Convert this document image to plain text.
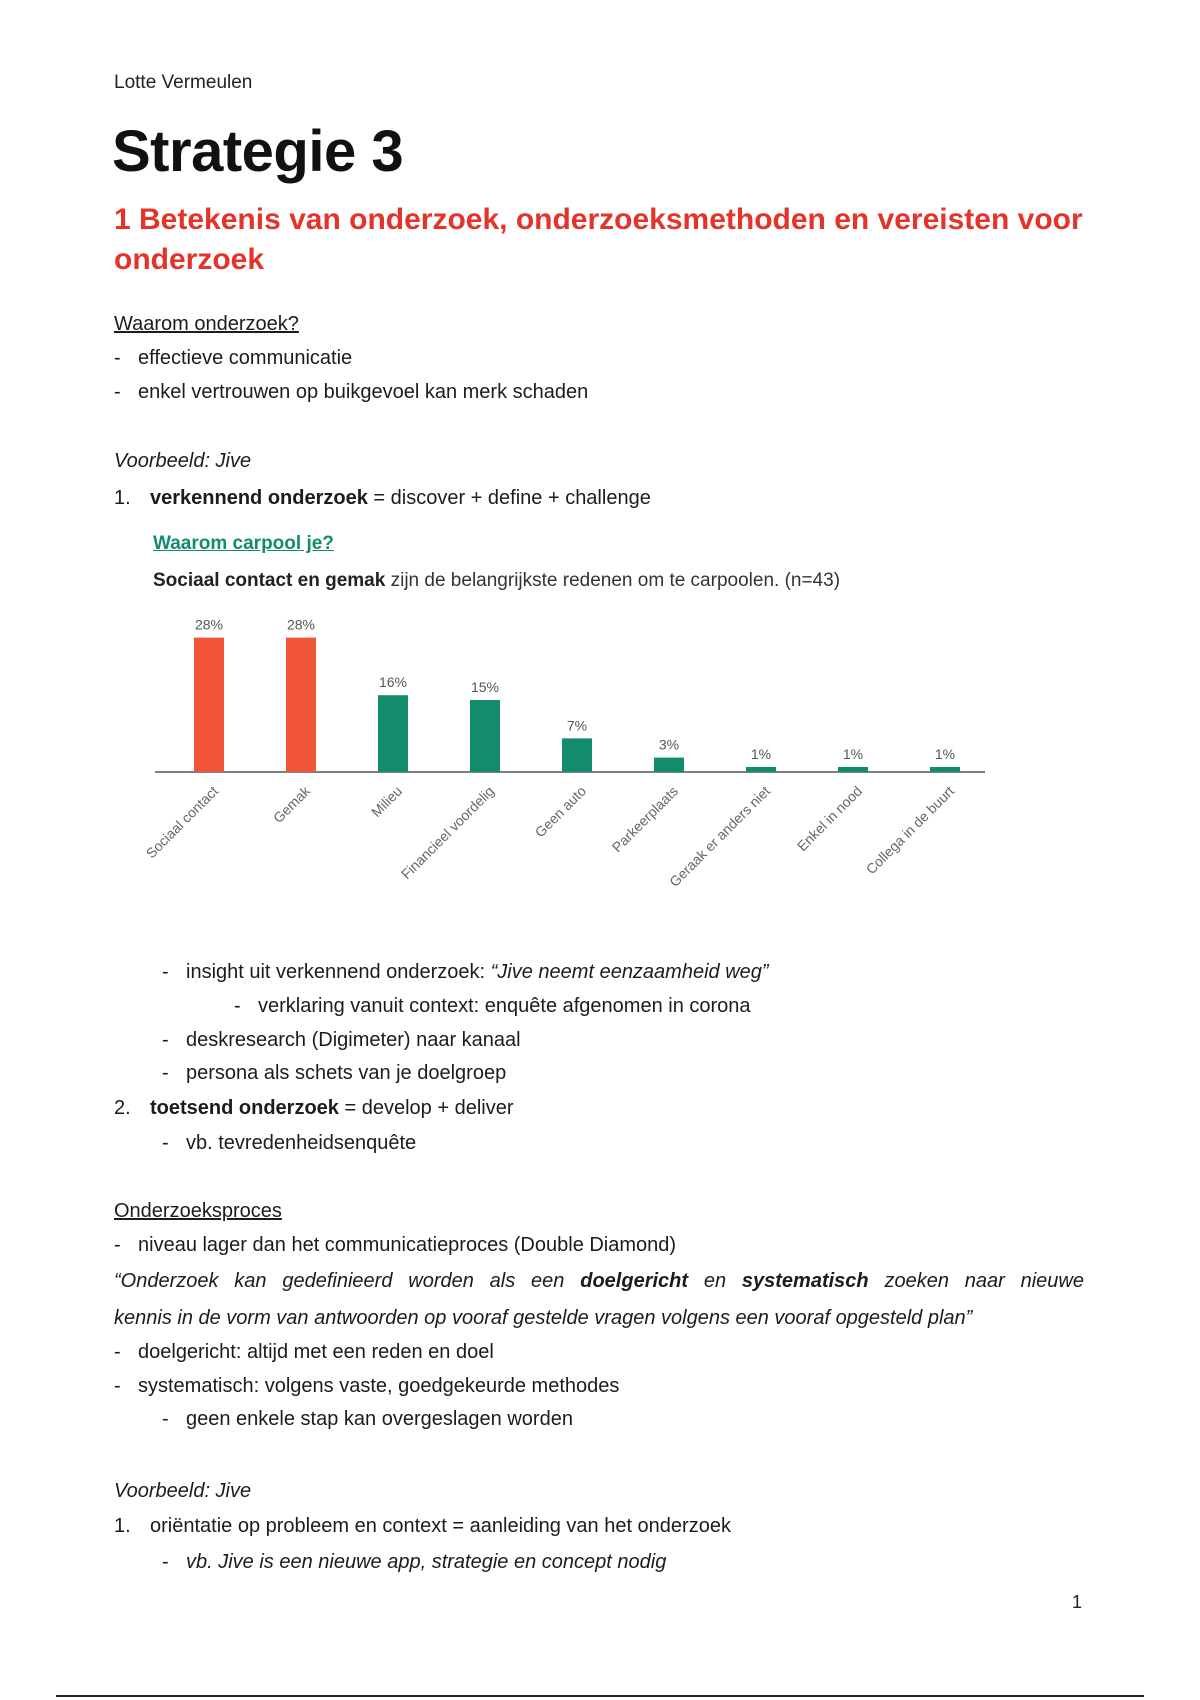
Lotte Vermeulen
Strategie 3
1 Betekenis van onderzoek, onderzoeksmethoden en vereisten voor onderzoek
Waarom onderzoek?
- effectieve communicatie
- enkel vertrouwen op buikgevoel kan merk schaden
Voorbeeld: Jive
1. verkennend onderzoek = discover + define + challenge
Waarom carpool je?
Sociaal contact en gemak zijn de belangrijkste redenen om te carpoolen. (n=43)
28%
Sociaal contact
28%
Gemak
16%
Milieu
15%
Financieel voordelig
7%
Geen auto
3%
Parkeerplaats
1%
Geraak er anders niet
1%
Enkel in nood
1%
Collega in de buurt
- insight uit verkennend onderzoek: “Jive neemt eenzaamheid weg”
- verklaring vanuit context: enquête afgenomen in corona
- deskresearch (Digimeter) naar kanaal
- persona als schets van je doelgroep
2. toetsend onderzoek = develop + deliver
- vb. tevredenheidsenquête
Onderzoeksproces
- niveau lager dan het communicatieproces (Double Diamond)
“Onderzoek kan gedefinieerd worden als een doelgericht en systematisch zoeken naar nieuwe
kennis in de vorm van antwoorden op vooraf gestelde vragen volgens een vooraf opgesteld plan”
- doelgericht: altijd met een reden en doel
- systematisch: volgens vaste, goedgekeurde methodes
- geen enkele stap kan overgeslagen worden
Voorbeeld: Jive
1. oriëntatie op probleem en context = aanleiding van het onderzoek
- vb. Jive is een nieuwe app, strategie en concept nodig
1
